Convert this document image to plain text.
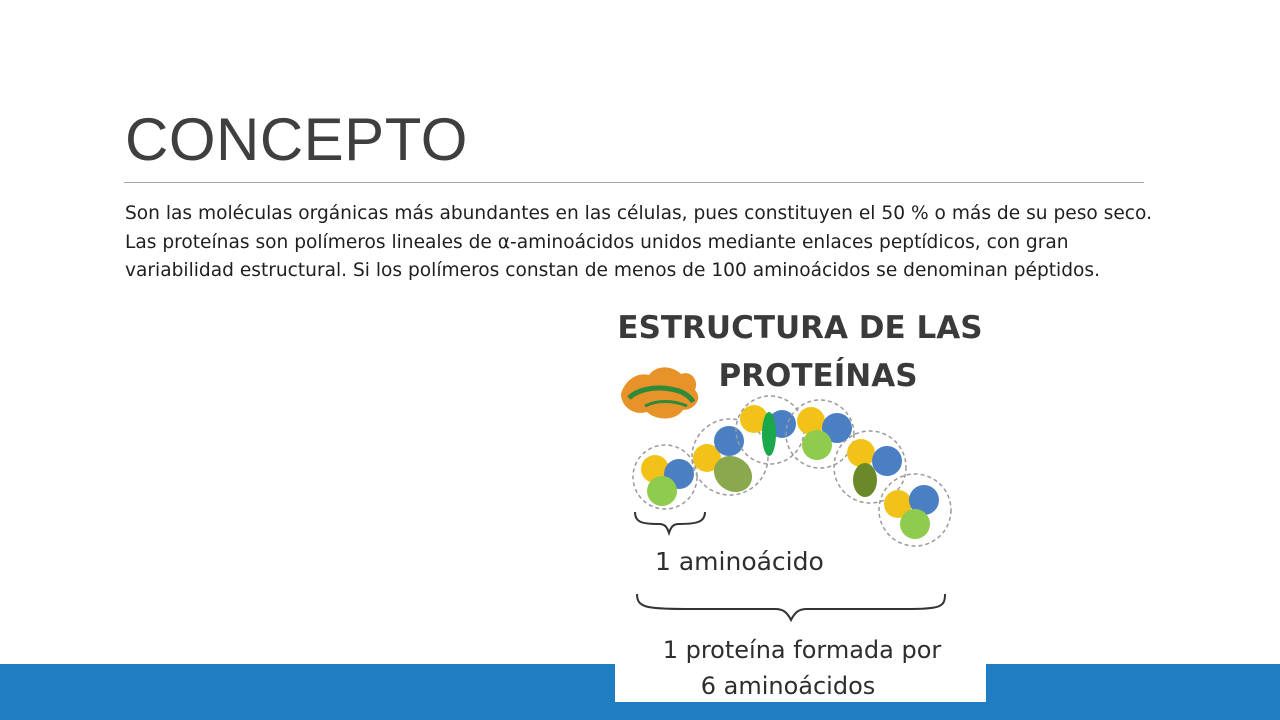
CONCEPTO
Son las moléculas orgánicas más abundantes en las células, pues constituyen el 50 % o más de su peso seco. Las proteínas son polímeros lineales de α-aminoácidos unidos mediante enlaces peptídicos, con gran variabilidad estructural. Si los polímeros constan de menos de 100 aminoácidos se denominan péptidos.
ESTRUCTURA DE LAS
PROTEÍNAS
1 aminoácido
1 proteína formada por
6 aminoácidos
